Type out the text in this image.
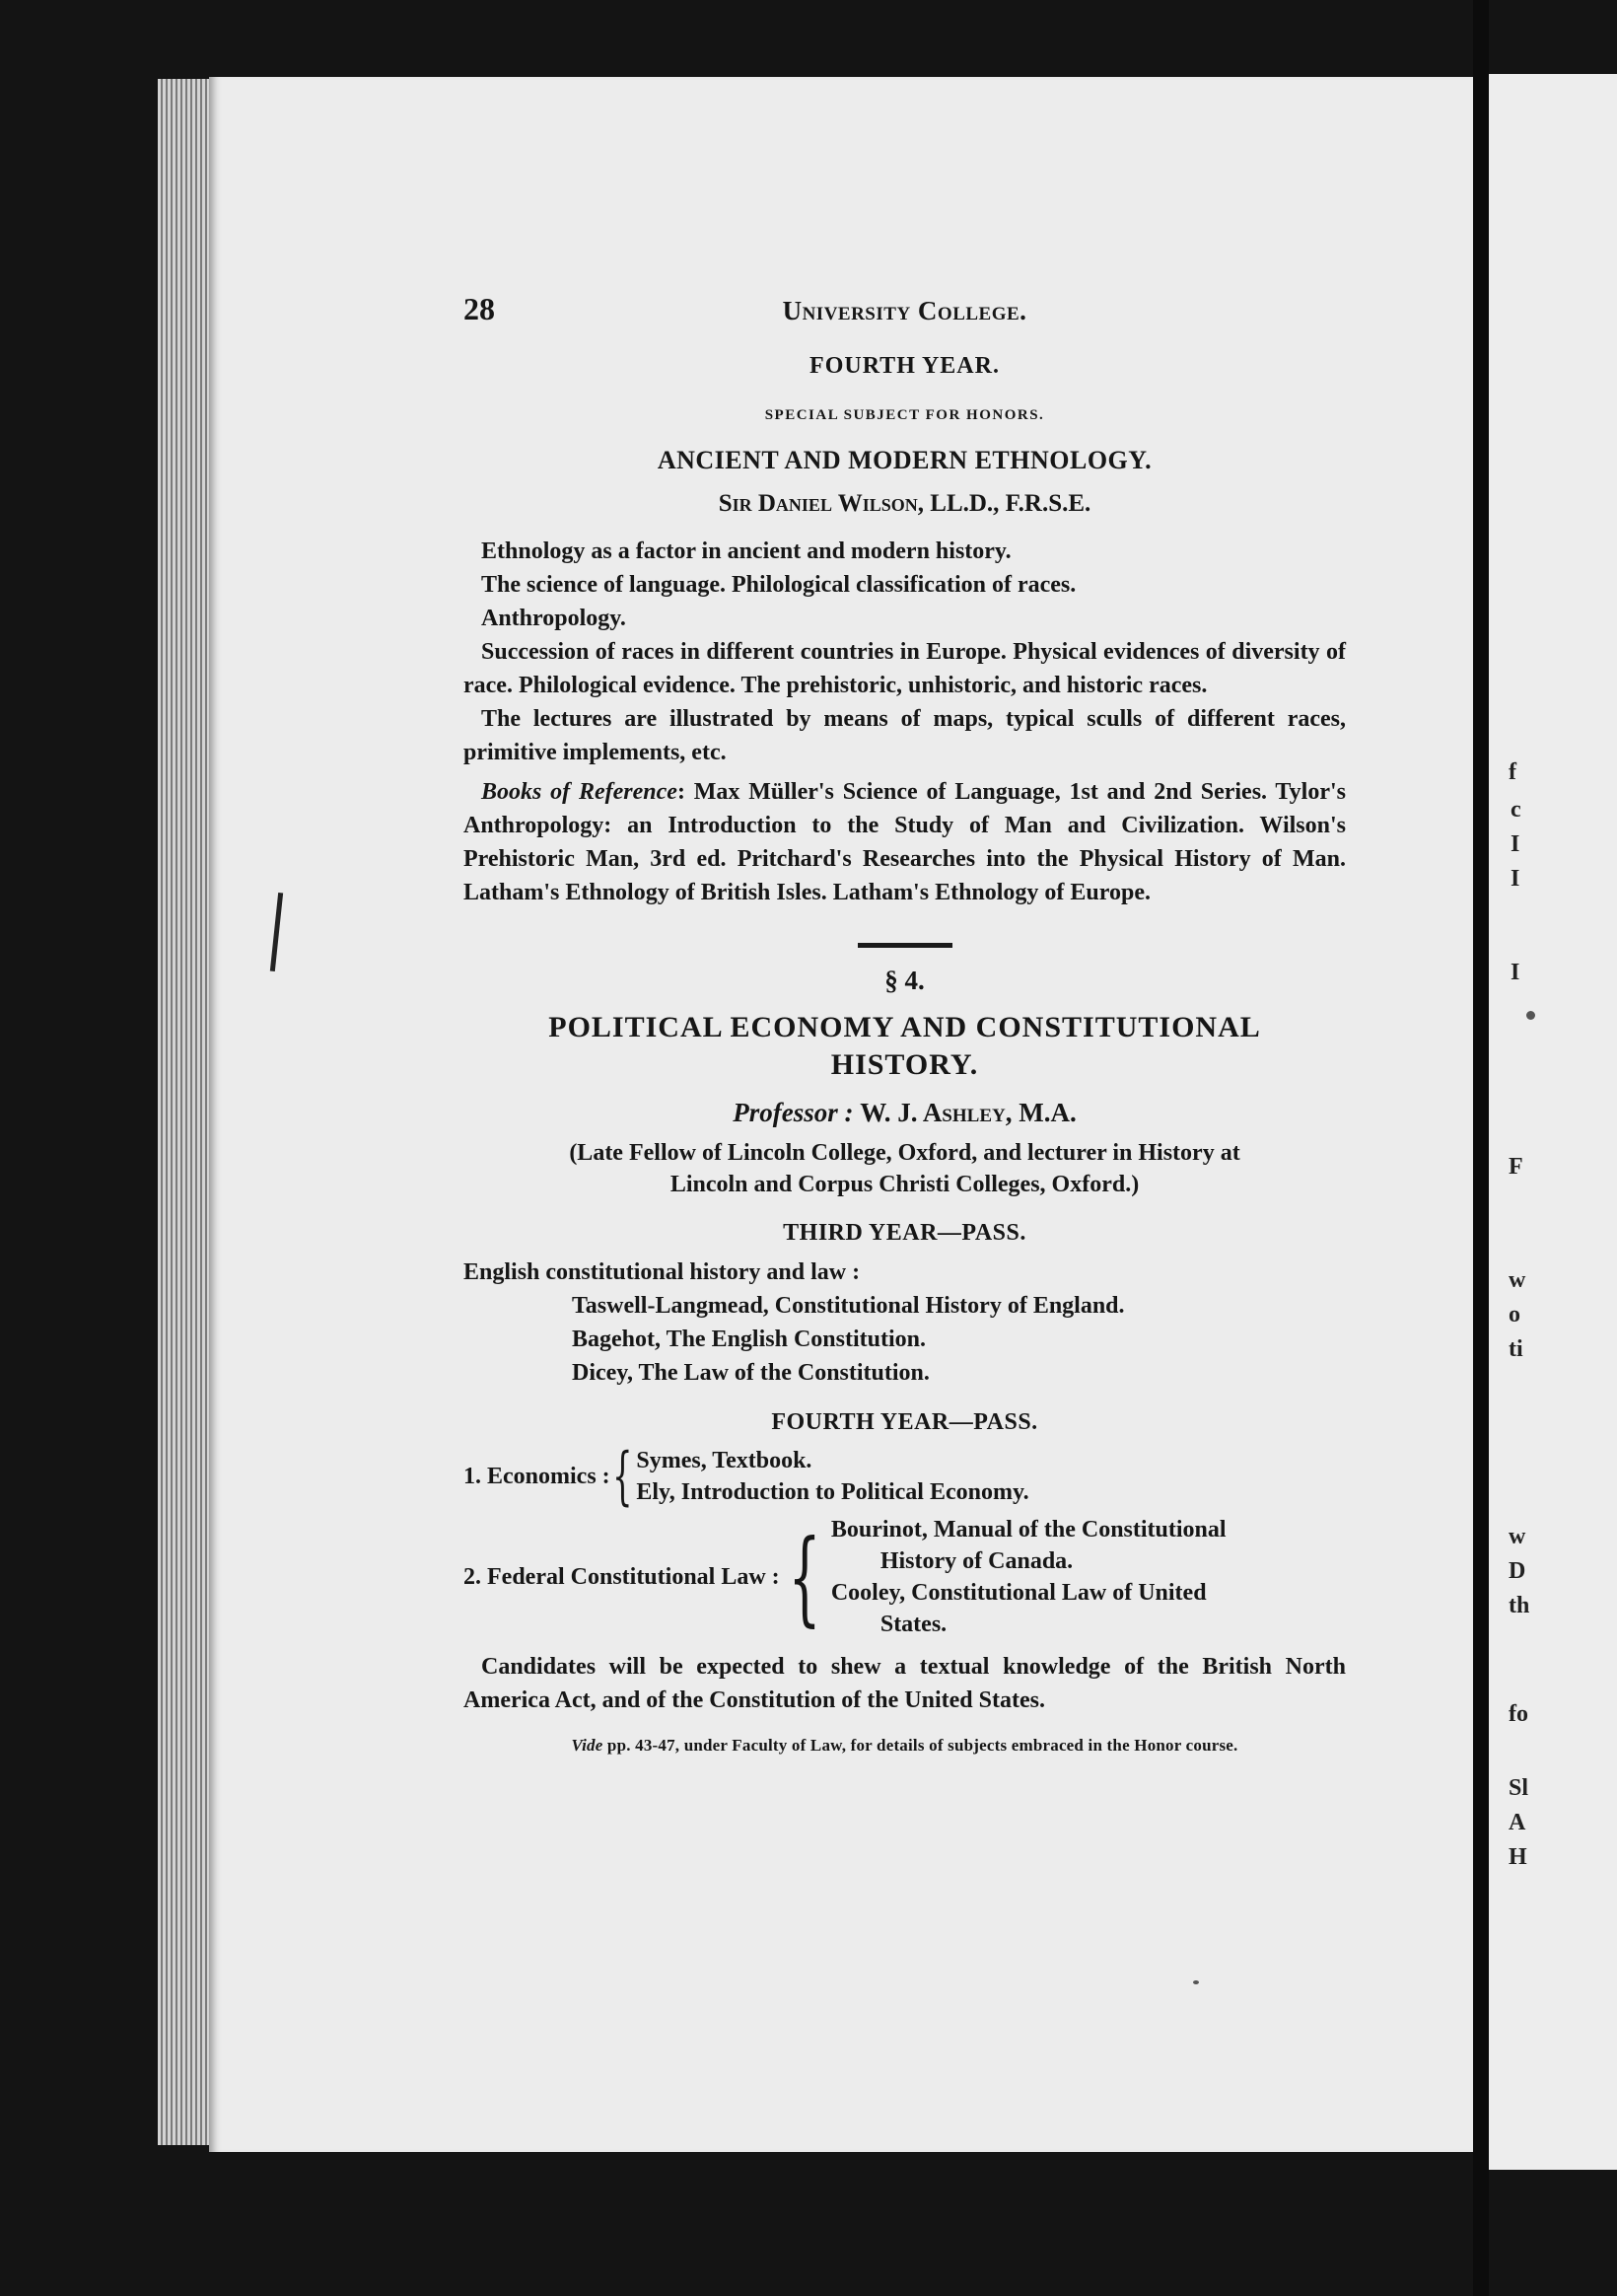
f
c
I
I
I
F
w
o
ti
w
D
th
fo
Sl
A
H
28	University College.
FOURTH YEAR.
SPECIAL SUBJECT FOR HONORS.
ANCIENT AND MODERN ETHNOLOGY.
Sir Daniel Wilson, LL.D., F.R.S.E.

Ethnology as a factor in ancient and modern history.

The science of language. Philological classification of races.

Anthropology.

Succession of races in different countries in Europe. Physical evidences of diversity of race. Philological evidence. The prehistoric, unhistoric, and historic races.

The lectures are illustrated by means of maps, typical sculls of different races, primitive implements, etc.

Books of Reference: Max Müller's Science of Language, 1st and 2nd Series. Tylor's Anthropology: an Introduction to the Study of Man and Civilization. Wilson's Prehistoric Man, 3rd ed. Pritchard's Researches into the Physical History of Man. Latham's Ethnology of British Isles. Latham's Ethnology of Europe.

§ 4.
POLITICAL ECONOMY AND CONSTITUTIONAL
HISTORY.
Professor : W. J. Ashley, M.A.
(Late Fellow of Lincoln College, Oxford, and lecturer in History at
Lincoln and Corpus Christi Colleges, Oxford.)
THIRD YEAR—PASS.
English constitutional history and law :
Taswell-Langmead, Constitutional History of England.
Bagehot, The English Constitution.
Dicey, The Law of the Constitution.
FOURTH YEAR—PASS.
1. Economics : { Symes, Textbook.
Ely, Introduction to Political Economy.
2. Federal Constitutional Law : { Bourinot, Manual of the Constitutional
History of Canada.
Cooley, Constitutional Law of United
States.

Candidates will be expected to shew a textual knowledge of the British North America Act, and of the Constitution of the United States.

Vide pp. 43-47, under Faculty of Law, for details of subjects embraced in the Honor course.
